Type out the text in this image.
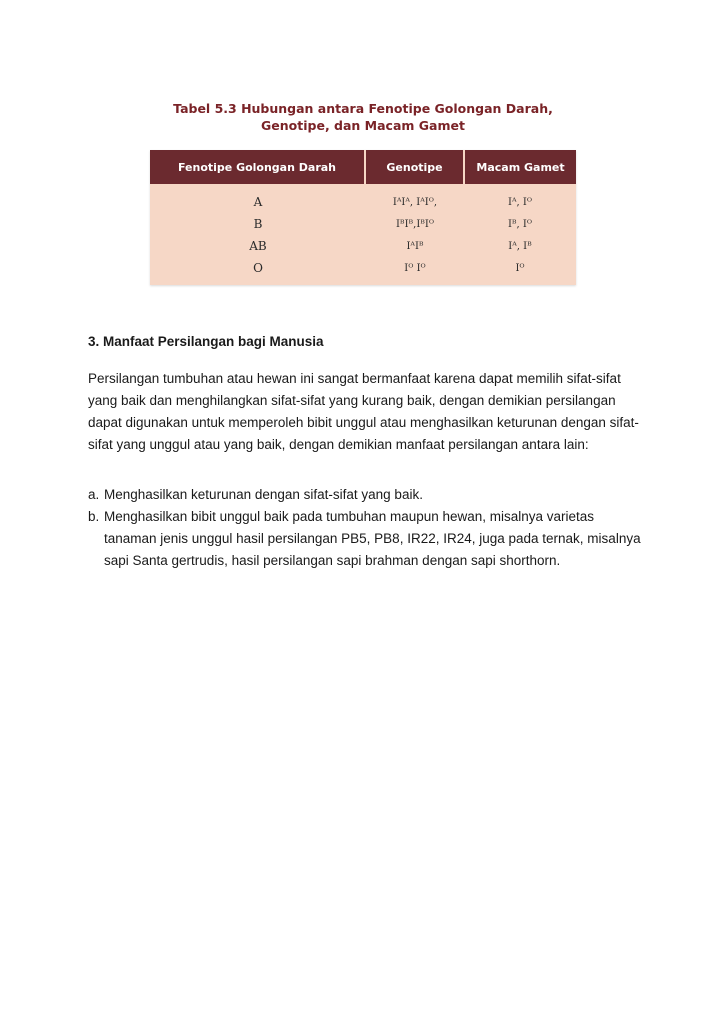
Tabel 5.3 Hubungan antara Fenotipe Golongan Darah,
Genotipe, dan Macam Gamet
Fenotipe Golongan Darah	Genotipe	Macam Gamet
A	IᴬIᴬ, IᴬIᴼ,	Iᴬ, Iᴼ
B	IᴮIᴮ,IᴮIᴼ	Iᴮ, Iᴼ
AB	IᴬIᴮ	Iᴬ, Iᴮ
O	Iᴼ Iᴼ	Iᴼ
3. Manfaat Persilangan bagi Manusia
Persilangan tumbuhan atau hewan ini sangat bermanfaat karena dapat memilih sifat-sifat yang baik dan menghilangkan sifat-sifat yang kurang baik, dengan demikian persilangan dapat digunakan untuk memperoleh bibit unggul atau menghasilkan keturunan dengan sifat-sifat yang unggul atau yang baik, dengan demikian manfaat persilangan antara lain:
a. Menghasilkan keturunan dengan sifat-sifat yang baik.
b. Menghasilkan bibit unggul baik pada tumbuhan maupun hewan, misalnya varietas tanaman jenis unggul hasil persilangan PB5, PB8, IR22, IR24, juga pada ternak, misalnya sapi Santa gertrudis, hasil persilangan sapi brahman dengan sapi shorthorn.
